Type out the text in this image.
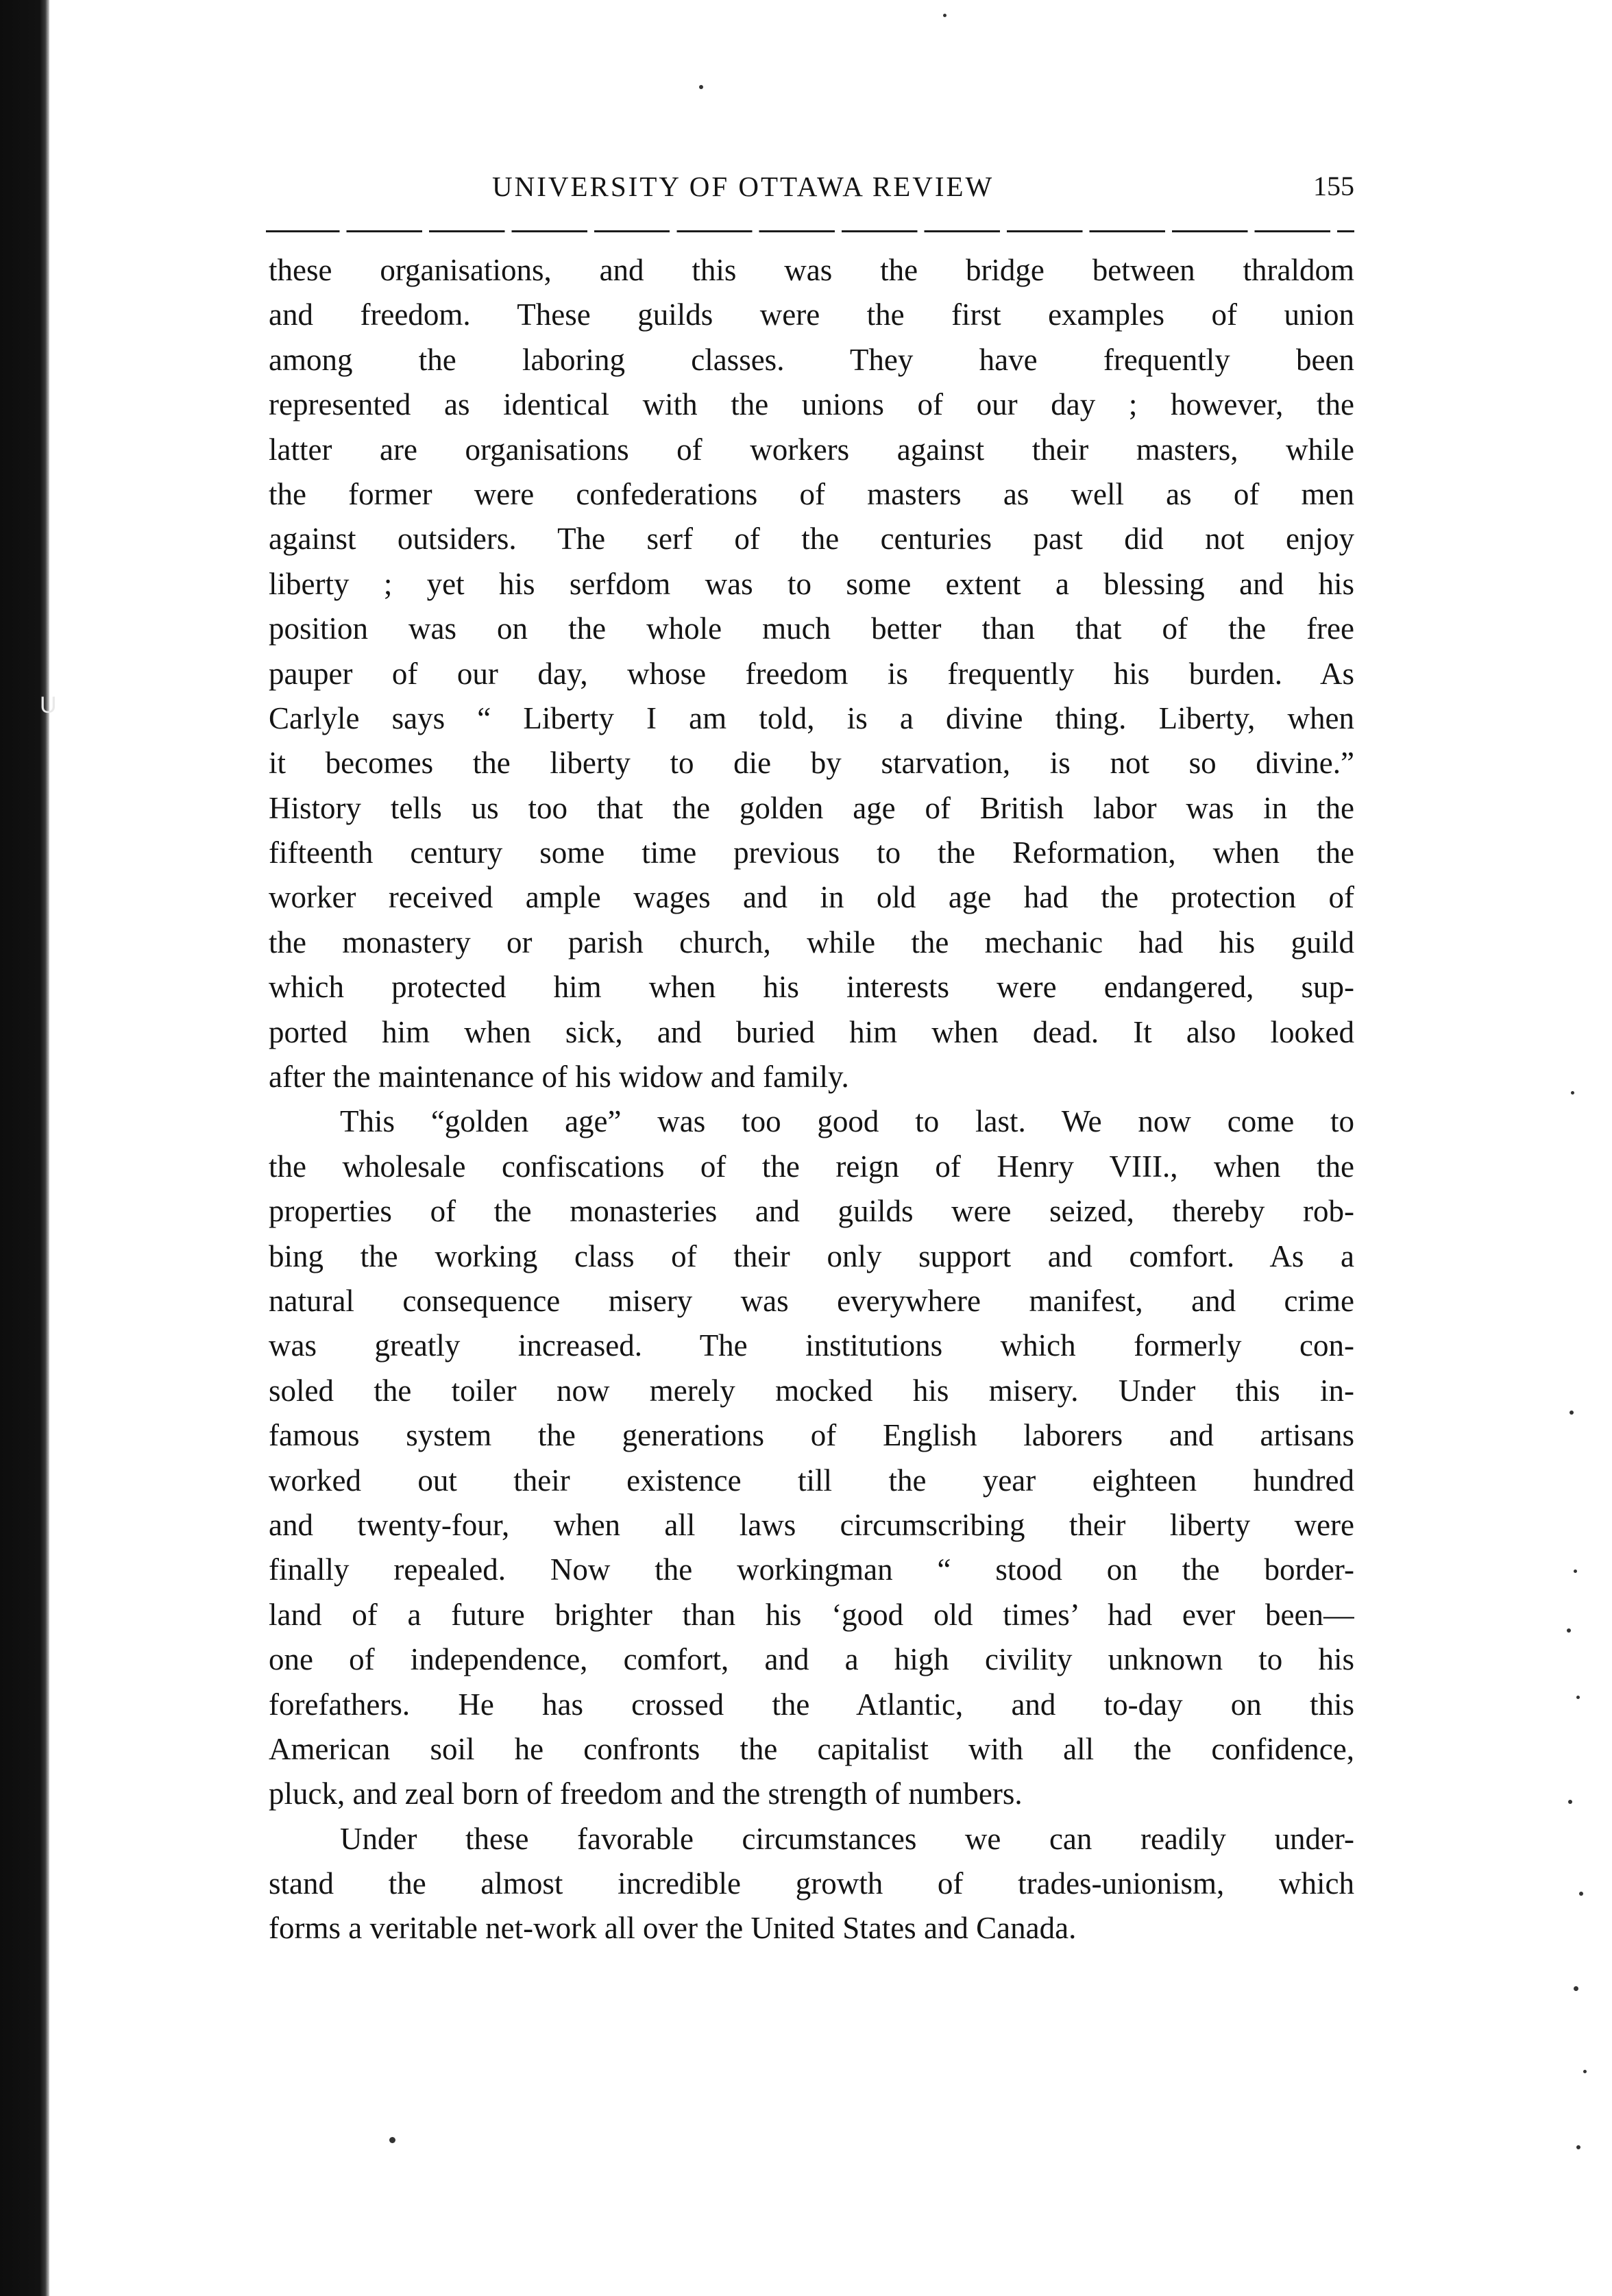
U
UNIVERSITY OF OTTAWA REVIEW	155
these organisations, and this was the bridge between thraldom
and freedom. These guilds were the first examples of union
among the laboring classes. They have frequently been
represented as identical with the unions of our day ; however, the
latter are organisations of workers against their masters, while
the former were confederations of masters as well as of men
against outsiders. The serf of the centuries past did not enjoy
liberty ; yet his serfdom was to some extent a blessing and his
position was on the whole much better than that of the free
pauper of our day, whose freedom is frequently his burden. As
Carlyle says “ Liberty I am told, is a divine thing. Liberty, when
it becomes the liberty to die by starvation, is not so divine.”
History tells us too that the golden age of British labor was in the
fifteenth century some time previous to the Reformation, when the
worker received ample wages and in old age had the protection of
the monastery or parish church, while the mechanic had his guild
which protected him when his interests were endangered, sup-
ported him when sick, and buried him when dead. It also looked
after the maintenance of his widow and family.
This “golden age” was too good to last. We now come to
the wholesale confiscations of the reign of Henry VIII., when the
properties of the monasteries and guilds were seized, thereby rob-
bing the working class of their only support and comfort. As a
natural consequence misery was everywhere manifest, and crime
was greatly increased. The institutions which formerly con-
soled the toiler now merely mocked his misery. Under this in-
famous system the generations of English laborers and artisans
worked out their existence till the year eighteen hundred
and twenty-four, when all laws circumscribing their liberty were
finally repealed. Now the workingman “ stood on the border-
land of a future brighter than his ‘good old times’ had ever been—
one of independence, comfort, and a high civility unknown to his
forefathers. He has crossed the Atlantic, and to-day on this
American soil he confronts the capitalist with all the confidence,
pluck, and zeal born of freedom and the strength of numbers.
Under these favorable circumstances we can readily under-
stand the almost incredible growth of trades-unionism, which
forms a veritable net-work all over the United States and Canada.
